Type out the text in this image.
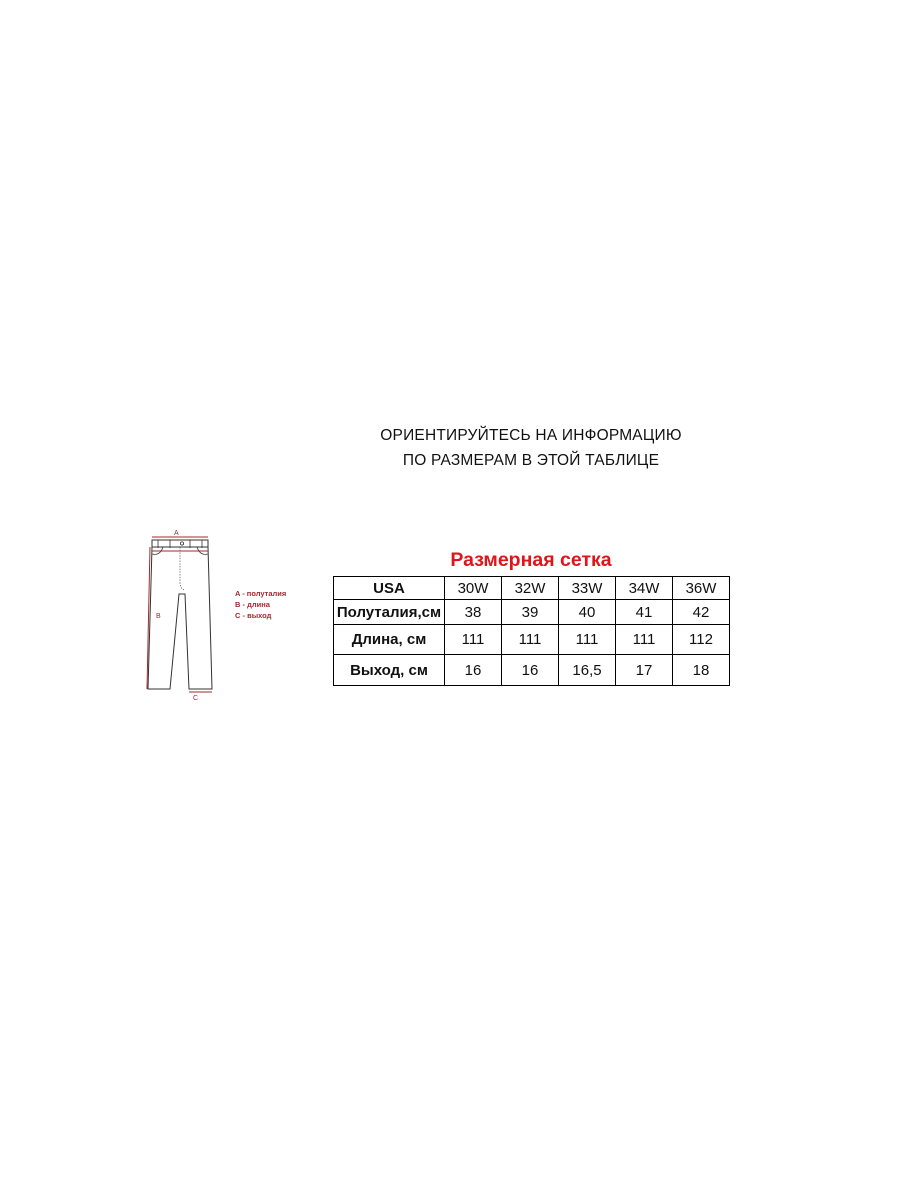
ОРИЕНТИРУЙТЕСЬ НА ИНФОРМАЦИЮ
ПО РАЗМЕРАМ В ЭТОЙ ТАБЛИЦЕ
A
B
C
A - полуталия
B - длина
C - выход
Размерная сетка
USA	30W	32W	33W	34W	36W
Полуталия,см	38	39	40	41	42
Длина, см	111	111	111	111	112
Выход, см	16	16	16,5	17	18
